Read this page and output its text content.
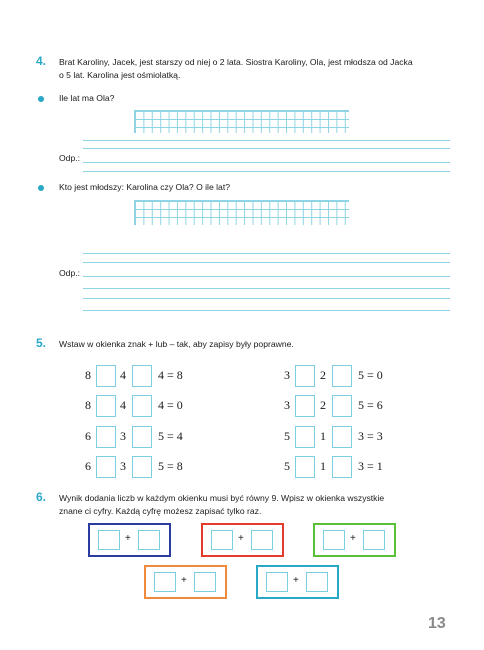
4. Brat Karoliny, Jacek, jest starszy od niej o 2 lata. Siostra Karoliny, Ola, jest młodsza od Jacka
o 5 lat. Karolina jest ośmiolatką.
Ile lat ma Ola?
Odp.:
Kto jest młodszy: Karolina czy Ola? O ile lat?
Odp.:
5. Wstaw w okienka znak + lub – tak, aby zapisy były poprawne.
8 4	4 = 8
8 4	4 = 0
6 3	5 = 4
6 3	5 = 8
3	2	5 = 0
3	2	5 = 6
5	1	3 = 3
5	1	3 = 1
6. Wynik dodania liczb w każdym okienku musi być równy 9. Wpisz w okienka wszystkie
znane ci cyfry. Każdą cyfrę możesz zapisać tylko raz.
+	+	+
+	+
13
